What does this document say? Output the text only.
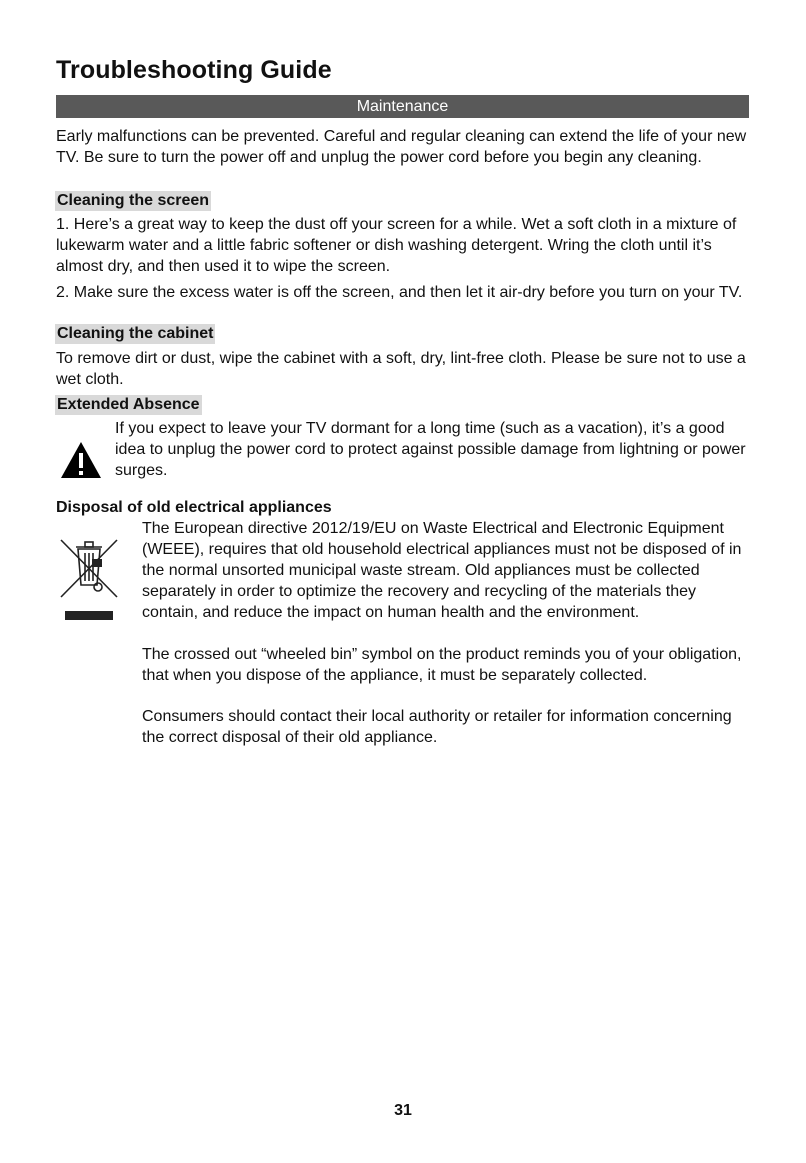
Troubleshooting Guide
Maintenance

Early malfunctions can be prevented. Careful and regular cleaning can extend the life of your new TV. Be sure to turn the power off and unplug the power cord before you begin any cleaning.

Cleaning the screen

1. Here’s a great way to keep the dust off your screen for a while. Wet a soft cloth in a mixture of lukewarm water and a little fabric softener or dish washing detergent. Wring the cloth until it’s almost dry, and then used it to wipe the screen.

2. Make sure the excess water is off the screen, and then let it air-dry before you turn on your TV.

Cleaning the cabinet

To remove dirt or dust, wipe the cabinet with a soft, dry, lint-free cloth. Please be sure not to use a wet cloth.

Extended Absence

If you expect to leave your TV dormant for a long time (such as a vacation), it’s a good idea to unplug the power cord to protect against possible damage from lightning or power surges.

Disposal of old electrical appliances

The European directive 2012/19/EU on Waste Electrical and Electronic Equipment (WEEE), requires that old household electrical appliances must not be disposed of in the normal unsorted municipal waste stream. Old appliances must be collected separately in order to optimize the recovery and recycling of the materials they contain, and reduce the impact on human health and the environment.

The crossed out “wheeled bin” symbol on the product reminds you of your obligation, that when you dispose of the appliance, it must be separately collected.

Consumers should contact their local authority or retailer for information concerning the correct disposal of their old appliance.

31
